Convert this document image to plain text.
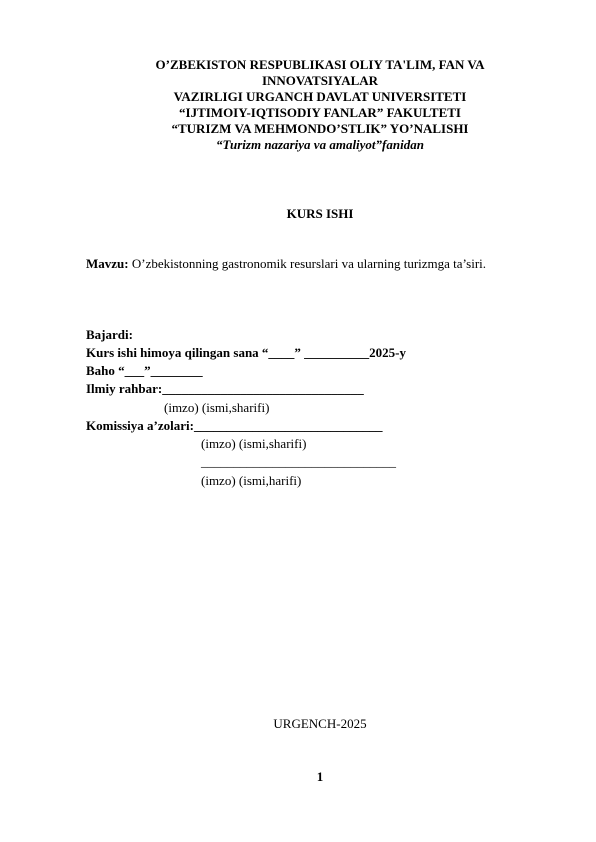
O’ZBEKISTON RESPUBLIKASI OLIY TA'LIM, FAN VA
INNOVATSIYALAR
VAZIRLIGI URGANCH DAVLAT UNIVERSITETI
“IJTIMOIY-IQTISODIY FANLAR” FAKULTETI
“TURIZM VA MEHMONDO’STLIK” YO’NALISHI
“Turizm nazariya va amaliyot”fanidan
KURS ISHI
Mavzu: O’zbekistonning gastronomik resurslari va ularning turizmga ta’siri.
Bajardi:
Kurs ishi himoya qilingan sana “____” __________2025-y
Baho “___”________
Ilmiy rahbar:_______________________________
(imzo) (ismi,sharifi)
Komissiya a’zolari:_____________________________
(imzo) (ismi,sharifi)
______________________________
(imzo) (ismi,harifi)
URGENCH-2025
1
